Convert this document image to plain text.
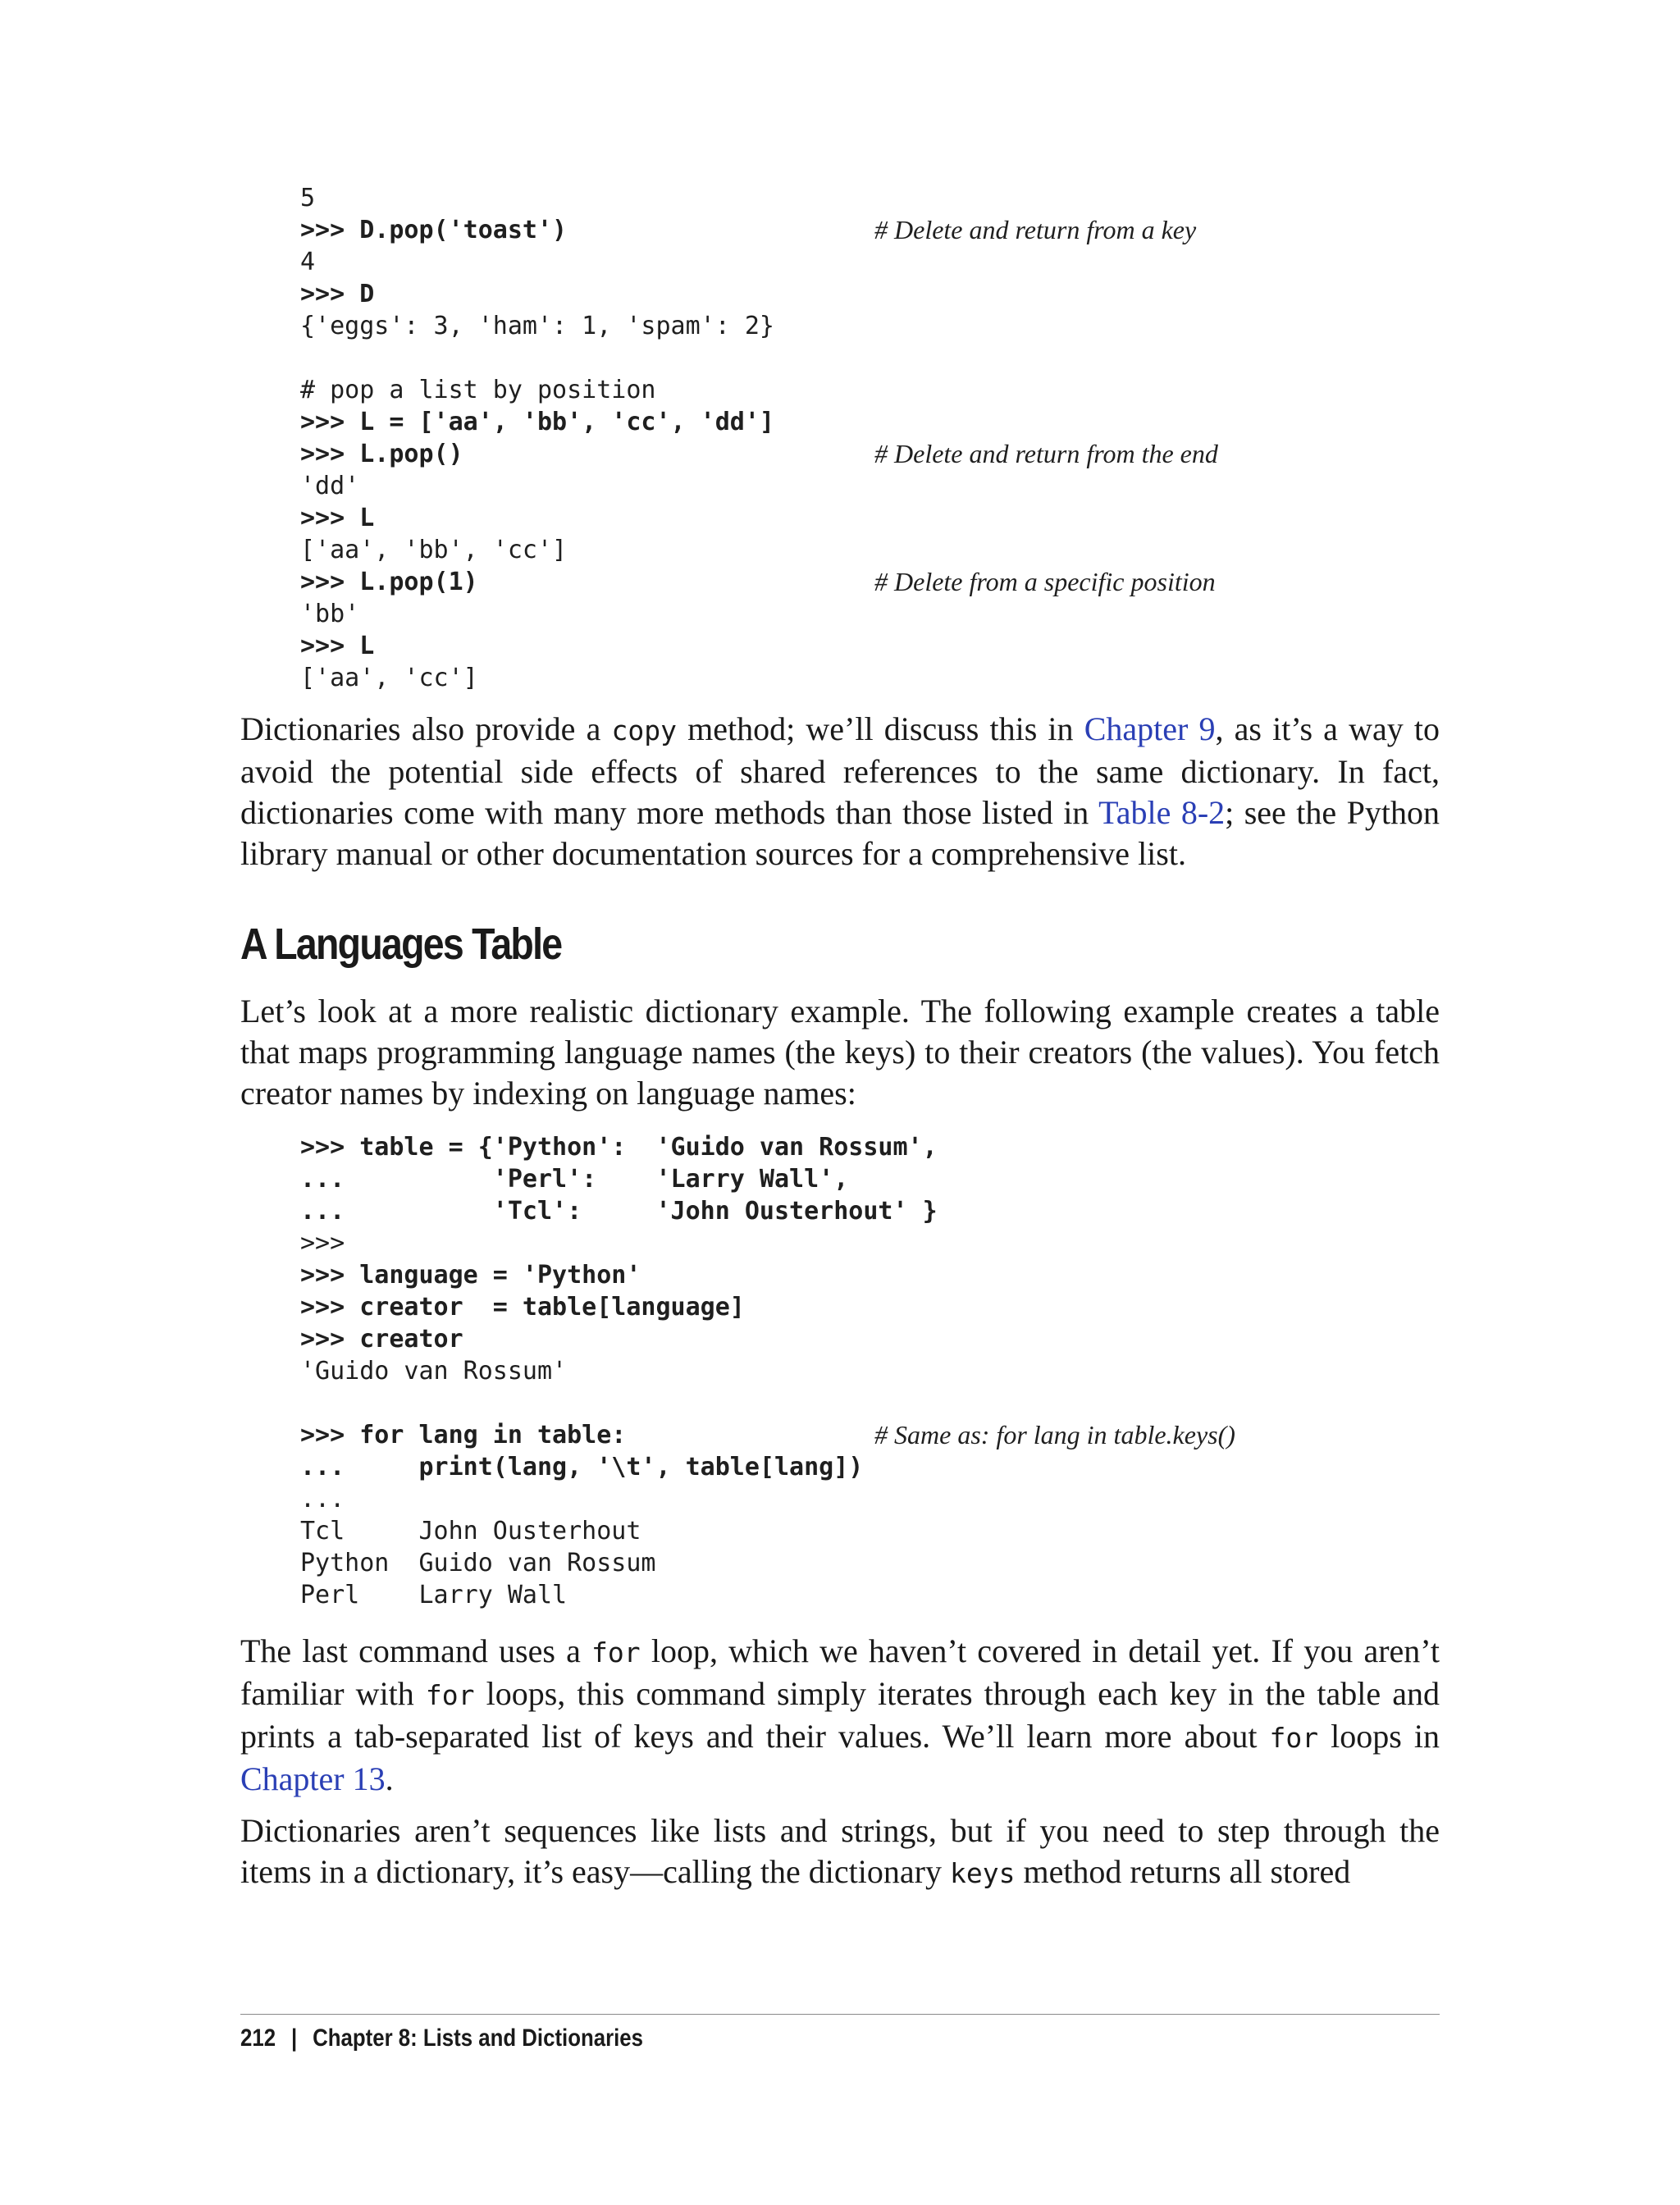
5
>>> D.pop('toast')	# Delete and return from a key
4
>>> D
{'eggs': 3, 'ham': 1, 'spam': 2}
# pop a list by position
>>> L = ['aa', 'bb', 'cc', 'dd']
>>> L.pop()	# Delete and return from the end
'dd'
>>> L
['aa', 'bb', 'cc']
>>> L.pop(1)	# Delete from a specific position
'bb'
>>> L
['aa', 'cc']

Dictionaries also provide a copy method; we’ll discuss this in Chapter 9, as it’s a way to avoid the potential side effects of shared references to the same dictionary. In fact, dictionaries come with many more methods than those listed in Table 8-2; see the Python library manual or other documentation sources for a comprehensive list.

A Languages Table

Let’s look at a more realistic dictionary example. The following example creates a table that maps programming language names (the keys) to their creators (the values). You fetch creator names by indexing on language names:

>>> table = {'Python':  'Guido van Rossum',
...          'Perl':    'Larry Wall',
...          'Tcl':     'John Ousterhout' }
>>>
>>> language = 'Python'
>>> creator  = table[language]
>>> creator
'Guido van Rossum'
>>> for lang in table:	# Same as: for lang in table.keys()
...     print(lang, '\t', table[lang])
...
Tcl     John Ousterhout
Python  Guido van Rossum
Perl    Larry Wall

The last command uses a for loop, which we haven’t covered in detail yet. If you aren’t familiar with for loops, this command simply iterates through each key in the table and prints a tab-separated list of keys and their values. We’ll learn more about for loops in Chapter 13.

Dictionaries aren’t sequences like lists and strings, but if you need to step through the items in a dictionary, it’s easy—calling the dictionary keys method returns all stored

212 | Chapter 8: Lists and Dictionaries
